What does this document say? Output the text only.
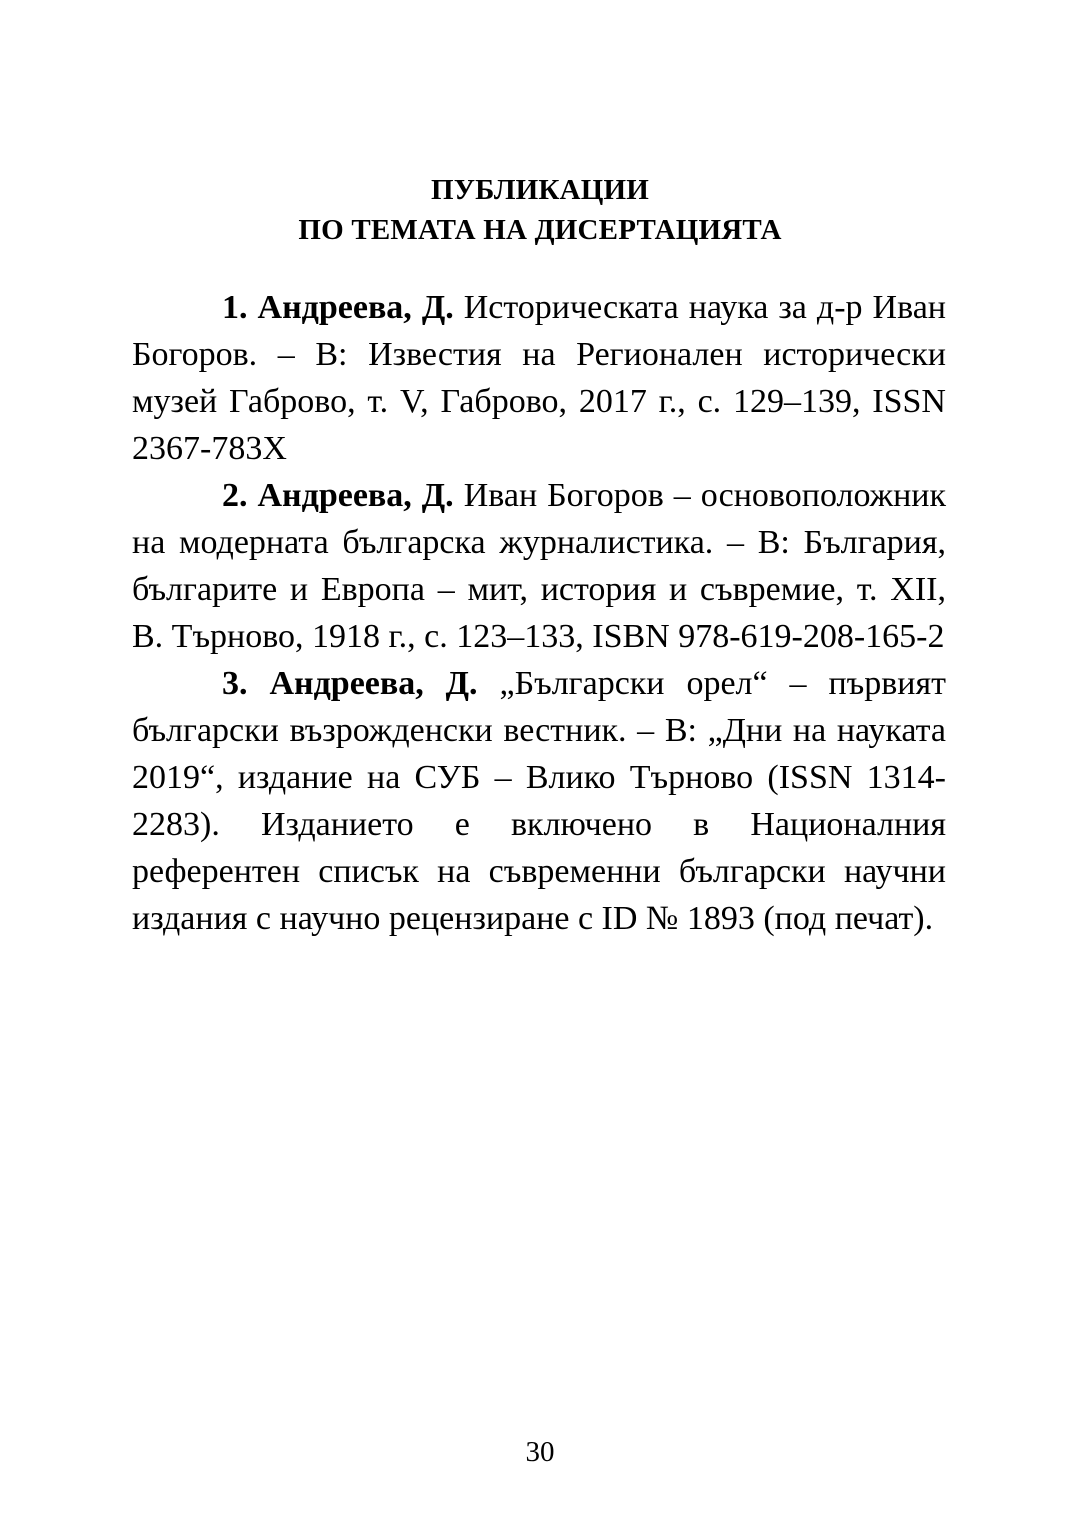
ПУБЛИКАЦИИ
ПО ТЕМАТА НА ДИСЕРТАЦИЯТА

1. Андреева, Д. Историческата наука за д-р Иван Богоров. – В: Известия на Регионален исторически музей Габрово, т. V, Габрово, 2017 г., с. 129–139, ISSN 2367-783X

2. Андреева, Д. Иван Богоров – основоположник на модерната българска журналистика. – В: България, българите и Европа – мит, история и съвремие, т. XII, В. Търново, 1918 г., с. 123–133, ISBN 978-619-208-165-2

3. Андреева, Д. „Български орел“ – първият български възрожденски вестник. – В: „Дни на науката 2019“, издание на СУБ – Влико Търново (ISSN 1314-2283). Изданието е включено в Националния референтен списък на съвременни български научни издания с научно рецензиране с ID № 1893 (под печат).

30
